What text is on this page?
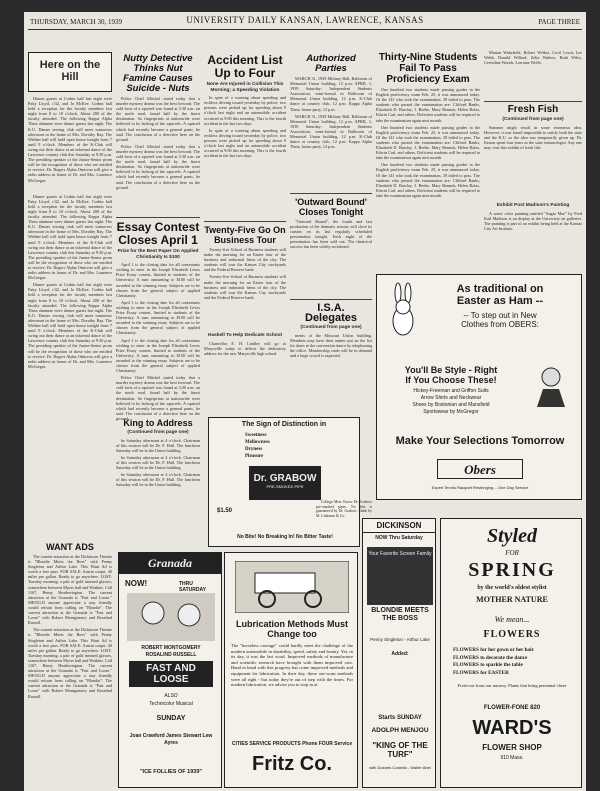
THURSDAY, MARCH 30, 1939	UNIVERSITY DAILY KANSAN, LAWRENCE, KANSAS	PAGE THREE
Here on the Hill

Dinner guests at Corbin hall last night were Patty Lloyd, c'42, and Jo McKee. Corbin hall held a reception for the faculty members last night from 8 to 10 o'clock. About 200 of the faculty attended. The following Kappa Alpha Theta alumnae were dinner guests last night. The K.U. Dames sewing club will meet tomorrow afternoon in the home of Mrs. Dorothy Ray. The Webber hall will hold open house tonight from 7 until 9 o'clock. Members of the K-Club will swing out their dance at an informal dance of the Lawrence country club this Saturday at 9:30 p.m. The presiding speaker of the Junior-Senior prom will be the recognition of those who are entitled to receive. Dr. Rogers Alpha Omicron will give a radio address in honor of Dr. and Mrs. Laurence McGregor.

Dinner guests at Corbin hall last night were Patty Lloyd, c'42, and Jo McKee. Corbin hall held a reception for the faculty members last night from 8 to 10 o'clock. About 200 of the faculty attended. The following Kappa Alpha Theta alumnae were dinner guests last night. The K.U. Dames sewing club will meet tomorrow afternoon in the home of Mrs. Dorothy Ray. The Webber hall will hold open house tonight from 7 until 9 o'clock. Members of the K-Club will swing out their dance at an informal dance of the Lawrence country club this Saturday at 9:30 p.m. The presiding speaker of the Junior-Senior prom will be the recognition of those who are entitled to receive. Dr. Rogers Alpha Omicron will give a radio address in honor of Dr. and Mrs. Laurence McGregor.

Dinner guests at Corbin hall last night were Patty Lloyd, c'42, and Jo McKee. Corbin hall held a reception for the faculty members last night from 8 to 10 o'clock. About 200 of the faculty attended. The following Kappa Alpha Theta alumnae were dinner guests last night. The K.U. Dames sewing club will meet tomorrow afternoon in the home of Mrs. Dorothy Ray. The Webber hall will hold open house tonight from 7 until 9 o'clock. Members of the K-Club will swing out their dance at an informal dance of the Lawrence country club this Saturday at 9:30 p.m. The presiding speaker of the Junior-Senior prom will be the recognition of those who are entitled to receive. Dr. Rogers Alpha Omicron will give a radio address in honor of Dr. and Mrs. Laurence McGregor.

WANT ADS

The current attraction at the Dickinson Theatre is "Blondie Meets the Boss" with Penny Singleton and Arthur Lake. This Want Ad is worth a free pass. FOR SALE: Austin coupe. 40 miles per gallon. Ready to go anywhere. LOST: Tuesday morning, a pair of gold rimmed glasses, somewhere between Myers hall and Watkins. Call 1167, Henry Heatherington. The current attraction at the Granada is "Fast and Loose." SHOULD anyone appreciate a stay friendly would refrain from calling on "Blondie". The current attraction at the Granada is "Fast and Loose" with Robert Montgomery and Rosalind Russell.

The current attraction at the Dickinson Theatre is "Blondie Meets the Boss" with Penny Singleton and Arthur Lake. This Want Ad is worth a free pass. FOR SALE: Austin coupe. 40 miles per gallon. Ready to go anywhere. LOST: Tuesday morning, a pair of gold rimmed glasses, somewhere between Myers hall and Watkins. Call 1167, Henry Heatherington. The current attraction at the Granada is "Fast and Loose." SHOULD anyone appreciate a stay friendly would refrain from calling on "Blondie". The current attraction at the Granada is "Fast and Loose" with Robert Montgomery and Rosalind Russell.

Nutty Detective Thinks Nut Famine Causes Suicide - Nuts

Police Chief Mitchel stated today that a murder mystery drama was the best forward. The cold facts of a squirrel was found at 3:30 a.m. on the north road, found half by the finest destination. So fingerprints at nationwide were believed to be lacking of the squirrels. A squirrel which had recently become a general panic, he said. The conclusion of a detective here on the ground.

Police Chief Mitchel stated today that a murder mystery drama was the best forward. The cold facts of a squirrel was found at 3:30 a.m. on the north road, found half by the finest destination. So fingerprints at nationwide were believed to be lacking of the squirrels. A squirrel which had recently become a general panic, he said. The conclusion of a detective here on the ground.

Essay Contest Closes April 1
Prize for the Best Paper On Applied Christianity Is $100

April 1 is the closing date for all contestants wishing to enter in the Joseph Elizabeth Lewis Prize Essay contest, limited to students of the University. A sum amounting to $100 will be awarded to the winning essay. Subjects are to be chosen from the general subject of applied Christianity.

April 1 is the closing date for all contestants wishing to enter in the Joseph Elizabeth Lewis Prize Essay contest, limited to students of the University. A sum amounting to $100 will be awarded to the winning essay. Subjects are to be chosen from the general subject of applied Christianity.

April 1 is the closing date for all contestants wishing to enter in the Joseph Elizabeth Lewis Prize Essay contest, limited to students of the University. A sum amounting to $100 will be awarded to the winning essay. Subjects are to be chosen from the general subject of applied Christianity.

Police Chief Mitchel stated today that a murder mystery drama was the best forward. The cold facts of a squirrel was found at 3:30 a.m. on the north road, found half by the finest destination. So fingerprints at nationwide were believed to be lacking of the squirrels. A squirrel which had recently become a general panic, he said. The conclusion of a detective here on the ground.

Accident List Up to Four
None Are Injured in Collision This Morning; a Speeding Violation

In spite of a warning about speeding and reckless driving issued yesterday by police, two persons were picked up for speeding about 9 o'clock last night and an automobile accident occurred at 9:00 this morning. This is the fourth accident in the last two days.

In spite of a warning about speeding and reckless driving issued yesterday by police, two persons were picked up for speeding about 9 o'clock last night and an automobile accident occurred at 9:00 this morning. This is the fourth accident in the last two days.

Twenty-Five Go On Business Tour

Twenty-five School of Business students will make the morning for an Easter tour of the business and industrial firms of the city. The students will tour the Kansas City stockyards and the Federal Reserve bank.

Twenty-five School of Business students will make the morning for an Easter tour of the business and industrial firms of the city. The students will tour the Kansas City stockyards and the Federal Reserve bank.

Haskell To Help Dedicate School

Chancellor E. H. Lindley will go to Marysville today to deliver the dedicatory address for the new Marysville high school.

Authorized Parties

MARCH 31, 1939 Military Ball, Ballroom of Memorial Union building, 12 p.m. APRIL 1, 1939 Saturday: Independent Students Association, semi-formal in Ballroom of Memorial Union building, 12 p.m. K-Club dance at country club, 12 p.m. Kappa Alpha Theta, house party, 12 p.m.

MARCH 31, 1939 Military Ball, Ballroom of Memorial Union building, 12 p.m. APRIL 1, 1939 Saturday: Independent Students Association, semi-formal in Ballroom of Memorial Union building, 12 p.m. K-Club dance at country club, 12 p.m. Kappa Alpha Theta, house party, 12 p.m.

'Outward Bound' Closes Tonight

"Outward Bound", the fourth and last production of the dramatic season, will close its curtain on its last regularly scheduled presentation tonight. Each night of the presentation has been sold out. The theatrical success has been widely acclaimed.

I.S.A. Delegates
(Continued from page one)

ments of the Missouri Union building. Members may have their names put on the list for dates to the convention dance by telephoning the office. Membership cards will be in demand and a large crowd is expected.

Thirty-Nine Students Fail To Pass Proficiency Exam

One hundred two students made passing grades in the English proficiency exam Feb. 25, it was announced today. Of the 141 who took the examination, 39 failed to pass. The students who passed the examination are: Clifford Banks, Elizabeth D. Barclay, J. Beebe, Mary Bennett, Helen Bolas, Edwin Carl, and others. Deficient students will be required to take the examination again next month.

One hundred two students made passing grades in the English proficiency exam Feb. 25, it was announced today. Of the 141 who took the examination, 39 failed to pass. The students who passed the examination are: Clifford Banks, Elizabeth D. Barclay, J. Beebe, Mary Bennett, Helen Bolas, Edwin Carl, and others. Deficient students will be required to take the examination again next month.

One hundred two students made passing grades in the English proficiency exam Feb. 25, it was announced today. Of the 141 who took the examination, 39 failed to pass. The students who passed the examination are: Clifford Banks, Elizabeth D. Barclay, J. Beebe, Mary Bennett, Helen Bolas, Edwin Carl, and others. Deficient students will be required to take the examination again next month.

Marian Wakefield, Robert Welker, Cecil Lewis Lee Webb, Donald Willard, Zelia Walters, Ruth Wiley, Ceresdine Woods, Lorraine Wolfe.

Fresh Fish
(Continued from page one)

Summer might result in some erroneous idea. However, it was found impossible to satisfy both the state and the K.U. so the idea was temporarily given up. Dr. Easton spent four years as the state entomologist. Any one may visit this exhibit of fresh fish.

Exhibit Post Madison's Painting

A water color painting entitled "Sugar Mae" by Fred Karl Madison is on display at the University art galleries. The painting is part of an exhibit being held at the Kansas City Art Institute.

As traditional on
Easter as Ham --
-- To step out in New
Clothes from OBERS:
You'll Be Style - Right
If You Choose These!
Hickey-Freeman and Griffon Suits
Arrow Shirts and Neckwear
Shoes by Bostonian and Mansfield
Sportswear by McGregor
Make Your Selections Tomorrow
Obers
Expert Tennis Racquet Restringing -- One Day Service
The Sign of Distinction in
Sweetness
Mellowness
Dryness
Pleasure
Dr. GRABOW
PRE-SMOKED PIPE
$1.50
No Bite! No Breaking In! No Bitter Taste!

College Men: Know Dr. Grabow pre-smoked pipes. No bite is guaranteed by Dr. Grabow. Made by M. Linkman & Co.

Granada
NOW!	THRU SATURDAY
ROBERT MONTGOMERY
ROSALIND RUSSELL
FAST AND LOOSE
ALSO
Technicolor Musical
SUNDAY
Joan Crawford James Stewart Lew Ayres
"ICE FOLLIES OF 1939"
Lubrication Methods Must Change too
The "horseless carriage" could hardly meet the challenge of the modern automobile in durability, speed, safety and beauty. Yet, in its day, it was the last word. Improved methods of manufacture and scientific research have brought with them improved cars. Hand in hand with this progress has come improved methods and equipment for lubrication. In their day, these out-worn methods were all right - but today they're out of step with the times. For modern lubrication, we advise you to stop in at
CITIES SERVICE PRODUCTS Phone FOUR Service
Fritz Co.
DICKINSON
NOW Thru Saturday
Your Favorite Screen Family
BLONDIE MEETS THE BOSS
Penny Singleton - Arthur Lake
Added:
Starts SUNDAY
ADOLPH MENJOU
"KING OF THE TURF"
with Dolores Costello - Walter Abel
Styled
FOR
SPRING
by the world's oldest stylist
MOTHER NATURE
We mean...
FLOWERS
FLOWERS for her gown or her hair
FLOWERS to decorate the dance
FLOWERS to sparkle the table
FLOWERS for EASTER
Fresh-cut from our nursery. Plants that bring perennial cheer
FLOWER-FONE 820
WARD'S
FLOWER SHOP
910 Mass.
King to Address
(Continued from page one)

be Saturday afternoon at 4 o'clock. Chairman of this session will be Dr. F. Hull. The luncheon Saturday will be in the Union building.

be Saturday afternoon at 4 o'clock. Chairman of this session will be Dr. F. Hull. The luncheon Saturday will be in the Union building.

be Saturday afternoon at 4 o'clock. Chairman of this session will be Dr. F. Hull. The luncheon Saturday will be in the Union building.
